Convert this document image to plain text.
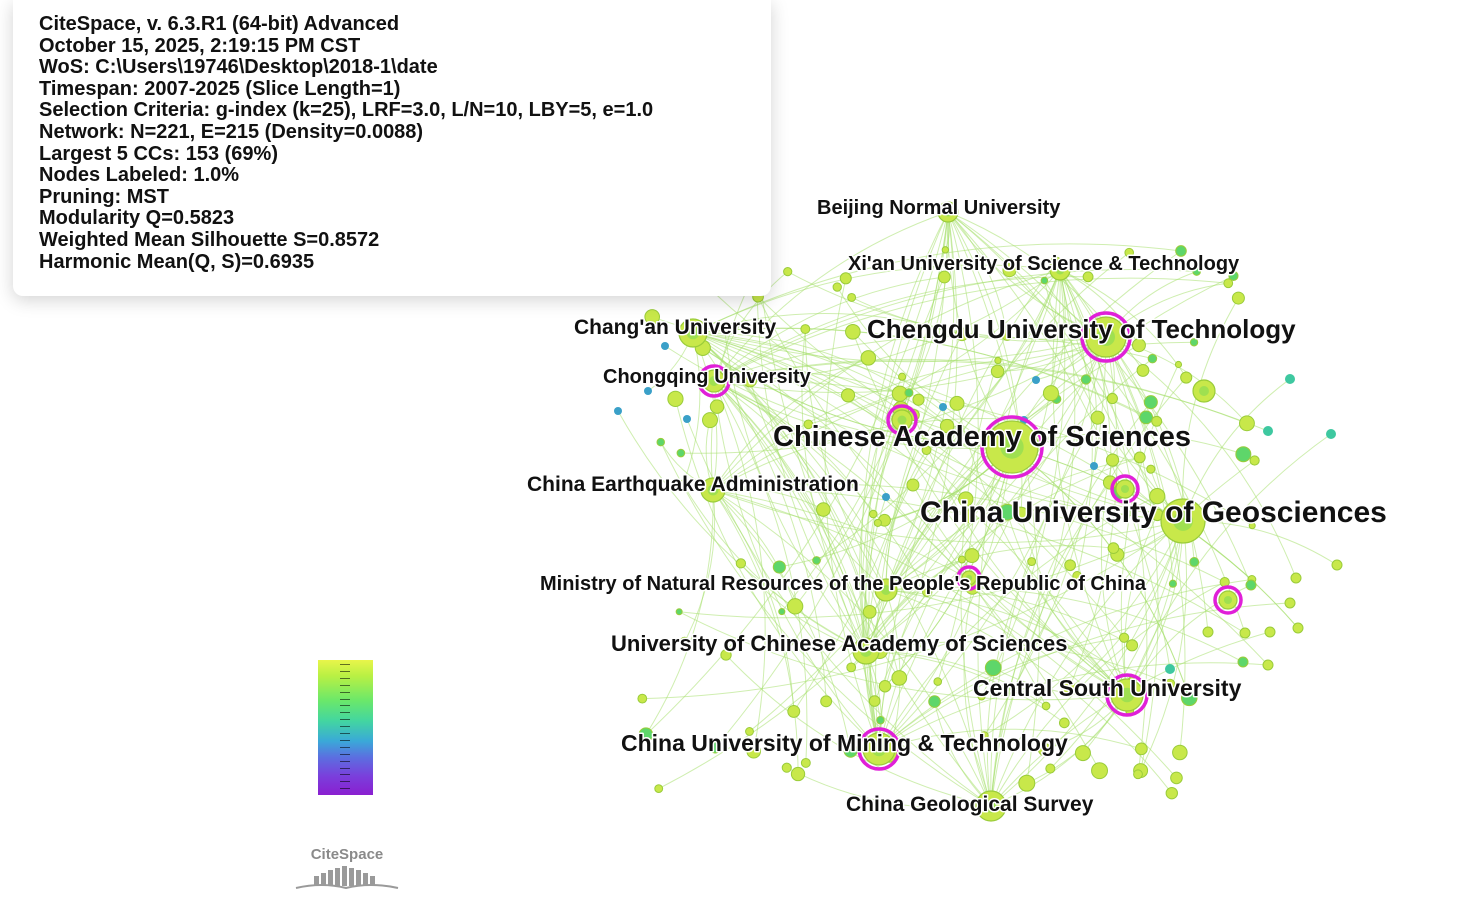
Beijing Normal University
Xi'an University of Science & Technology
Chang'an University	Chengdu University of Technology
Chongqing University
Chinese Academy of Sciences
China Earthquake Administration
China University of Geosciences
Ministry of Natural Resources of the People's Republic of China
University of Chinese Academy of Sciences
Central South University
China University of Mining & Technology
China Geological Survey
CiteSpace, v. 6.3.R1 (64-bit) Advanced
October 15, 2025, 2:19:15 PM CST
WoS: C:\Users\19746\Desktop\2018-1\date
Timespan: 2007-2025 (Slice Length=1)
Selection Criteria: g-index (k=25), LRF=3.0, L/N=10, LBY=5, e=1.0
Network: N=221, E=215 (Density=0.0088)
Largest 5 CCs: 153 (69%)
Nodes Labeled: 1.0%
Pruning: MST
Modularity Q=0.5823
Weighted Mean Silhouette S=0.8572
Harmonic Mean(Q, S)=0.6935
CiteSpace
